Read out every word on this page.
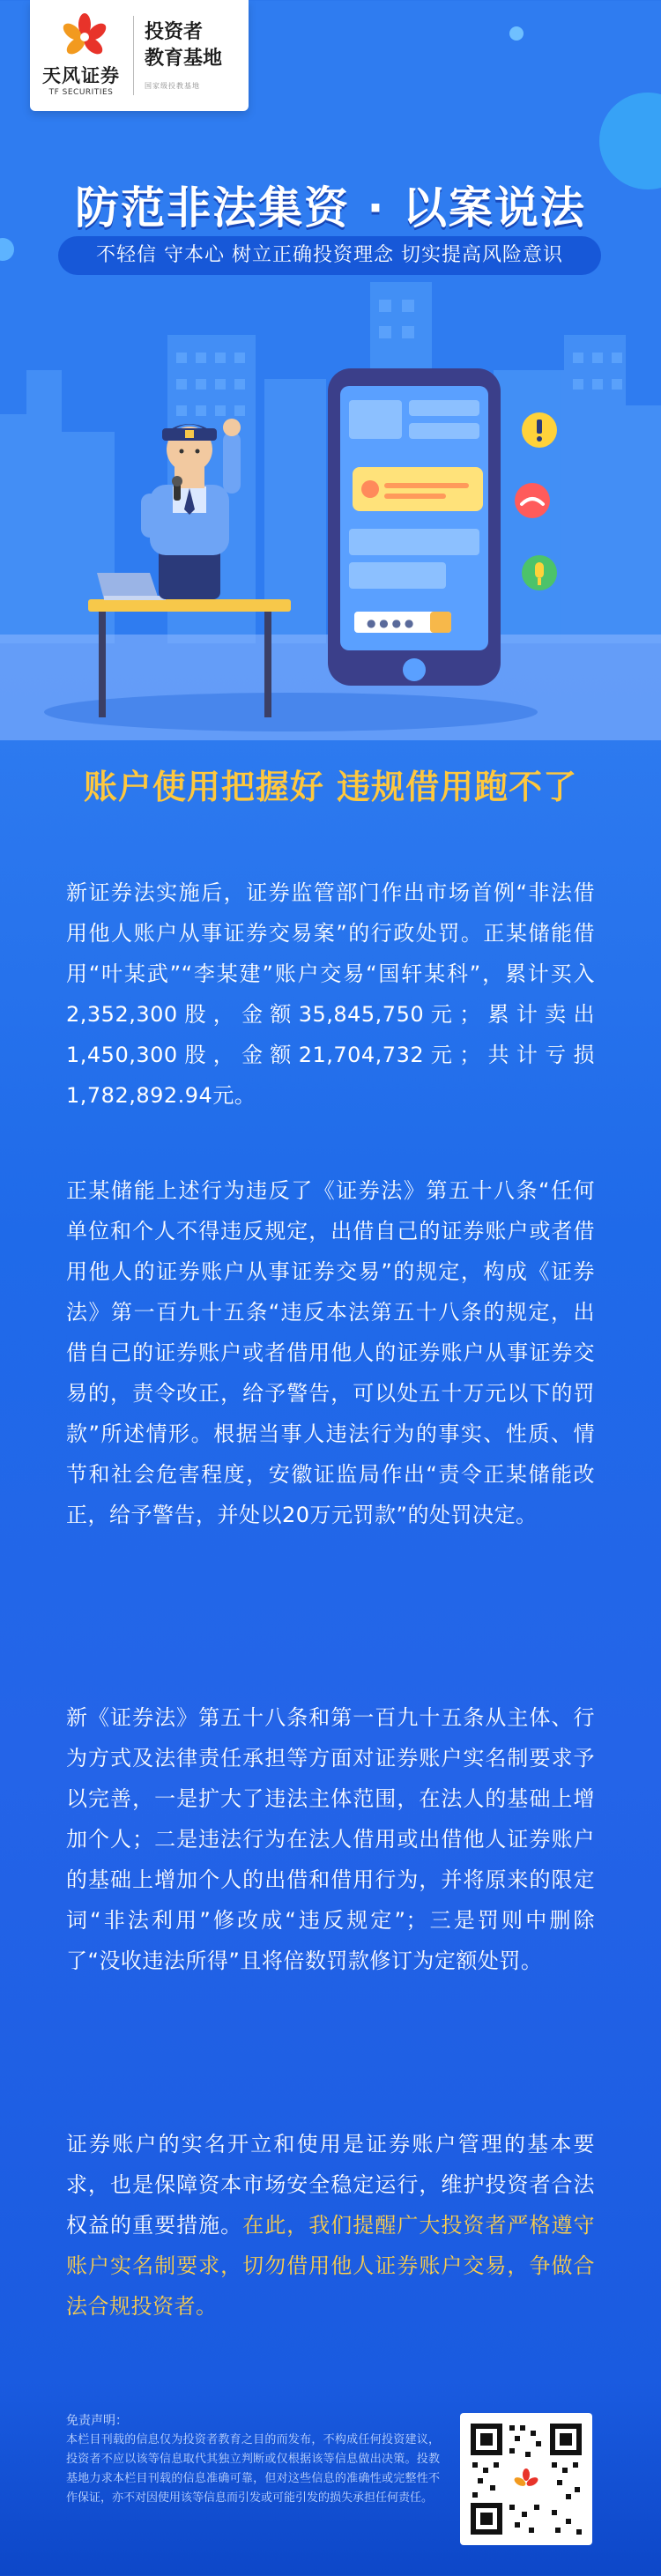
天风证券
TF SECURITIES
投资者
教育基地
国家级投教基地
防范非法集资 · 以案说法
不轻信 守本心 树立正确投资理念 切实提高风险意识
● ● ● ●
账户使用把握好 违规借用跑不了
新证券法实施后，证券监管部门作出市场首例“非法借用他人账户从事证券交易案”的行政处罚。正某储能借用“叶某武”“李某建”账户交易“国轩某科”，累计买入2,352,300股，金额35,845,750元；累计卖出1,450,300股，金额21,704,732元；共计亏损1,782,892.94元。
正某储能上述行为违反了《证券法》第五十八条“任何单位和个人不得违反规定，出借自己的证券账户或者借用他人的证券账户从事证券交易”的规定，构成《证券法》第一百九十五条“违反本法第五十八条的规定，出借自己的证券账户或者借用他人的证券账户从事证券交易的，责令改正，给予警告，可以处五十万元以下的罚款”所述情形。根据当事人违法行为的事实、性质、情节和社会危害程度，安徽证监局作出“责令正某储能改正，给予警告，并处以20万元罚款”的处罚决定。
新《证券法》第五十八条和第一百九十五条从主体、行为方式及法律责任承担等方面对证券账户实名制要求予以完善，一是扩大了违法主体范围，在法人的基础上增加个人；二是违法行为在法人借用或出借他人证券账户的基础上增加个人的出借和借用行为，并将原来的限定词“非法利用”修改成“违反规定”；三是罚则中删除了“没收违法所得”且将倍数罚款修订为定额处罚。
证券账户的实名开立和使用是证券账户管理的基本要求，也是保障资本市场安全稳定运行，维护投资者合法权益的重要措施。在此，我们提醒广大投资者严格遵守账户实名制要求，切勿借用他人证券账户交易，争做合法合规投资者。
免责声明：
本栏目刊载的信息仅为投资者教育之目的而发布，不构成任何投资建议，投资者不应以该等信息取代其独立判断或仅根据该等信息做出决策。投教基地力求本栏目刊载的信息准确可靠，但对这些信息的准确性或完整性不作保证，亦不对因使用该等信息而引发或可能引发的损失承担任何责任。
